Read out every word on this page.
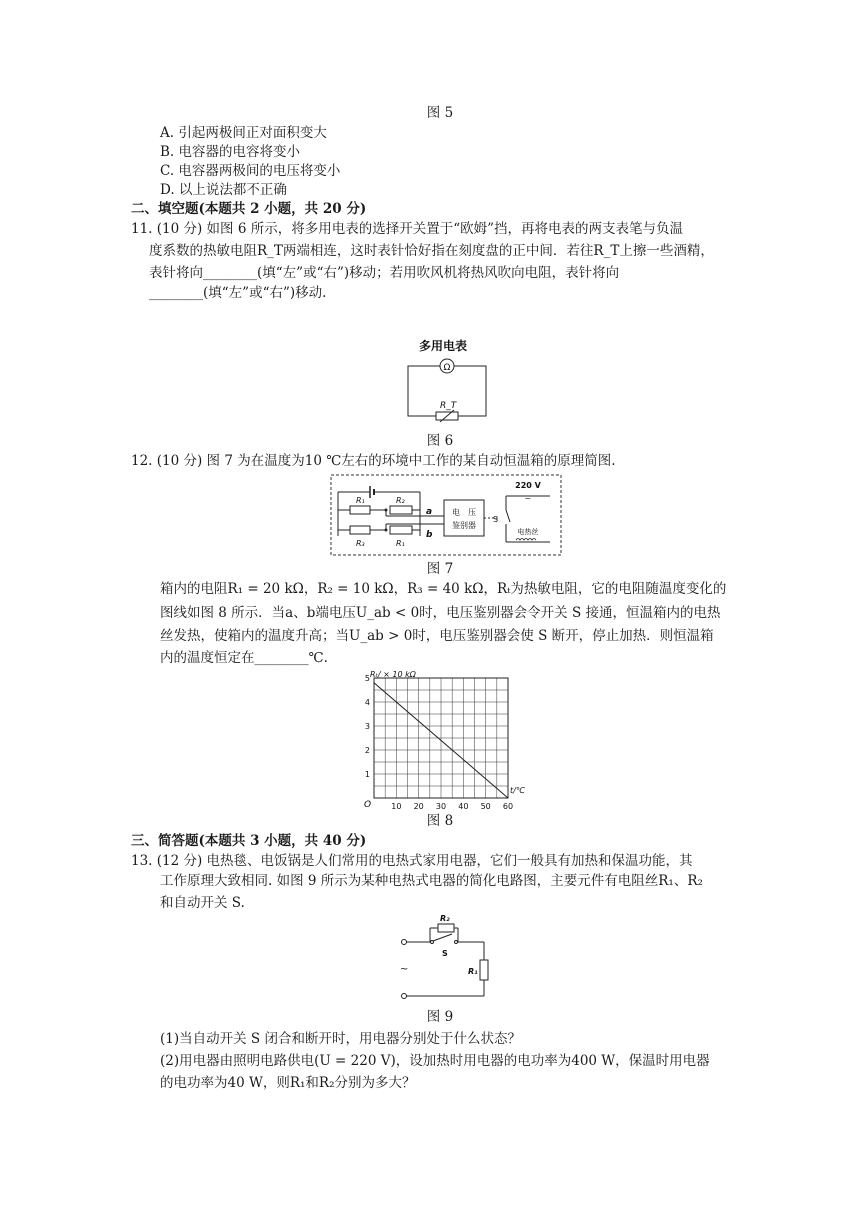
图 5
A. 引起两极间正对面积变大
B. 电容器的电容将变小
C. 电容器两极间的电压将变小
D. 以上说法都不正确
二、填空题(本题共 2 小题，共 20 分)
11. (10 分) 如图 6 所示，将多用电表的选择开关置于“欧姆”挡，再将电表的两支表笔与负温
度系数的热敏电阻R_T两端相连，这时表针恰好指在刻度盘的正中间．若往R_T上擦一些酒精，
表针将向________(填“左”或“右”)移动；若用吹风机将热风吹向电阻，表针将向
________(填“左”或“右”)移动.
多用电表
Ω
R_T
图 6
12. (10 分) 图 7 为在温度为10 ℃左右的环境中工作的某自动恒温箱的原理简图.
R₁	R₂
R₃	R₁
a
b
电　压
鉴别器
S
220 V
~
电热丝
图 7
箱内的电阻R₁ = 20 kΩ，R₂ = 10 kΩ，R₃ = 40 kΩ，Rₜ为热敏电阻，它的电阻随温度变化的
图线如图 8 所示．当a、b端电压U_ab < 0时，电压鉴别器会令开关 S 接通，恒温箱内的电热
丝发热，使箱内的温度升高；当U_ab > 0时，电压鉴别器会使 S 断开，停止加热．则恒温箱
内的温度恒定在________℃.
10 20 30 40 50 60
1
2
3
4
5 Rₜ/ × 10 kΩ
t/℃
O
图 8
三、简答题(本题共 3 小题，共 40 分)
13. (12 分) 电热毯、电饭锅是人们常用的电热式家用电器，它们一般具有加热和保温功能，其
工作原理大致相同. 如图 9 所示为某种电热式电器的简化电路图，主要元件有电阻丝R₁、R₂
和自动开关 S.
R₂
S
R₁
~
图 9
(1)当自动开关 S 闭合和断开时，用电器分别处于什么状态？
(2)用电器由照明电路供电(U = 220 V)，设加热时用电器的电功率为400 W，保温时用电器
的电功率为40 W，则R₁和R₂分别为多大？
